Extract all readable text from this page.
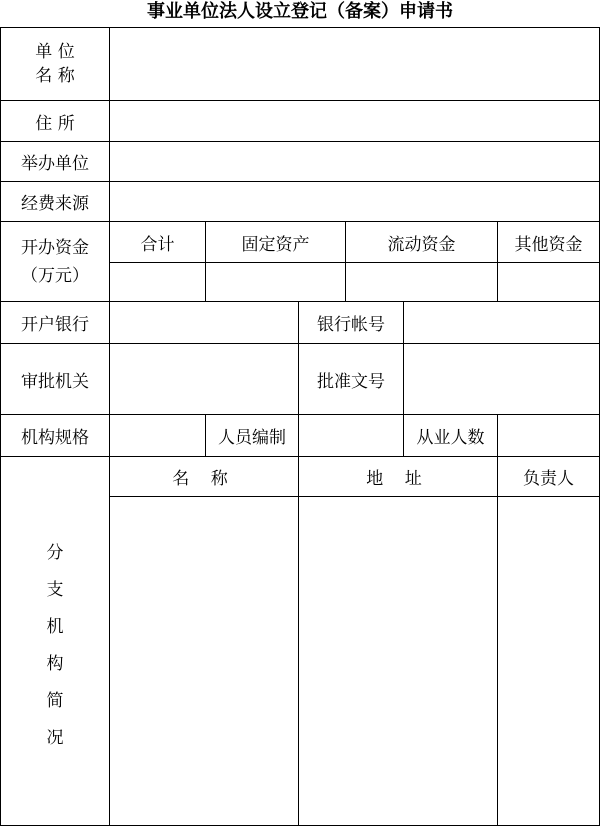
事业单位法人设立登记（备案）申请书
单 位
名 称
住 所
举办单位
经费来源
开办资金
（万元）
合计	固定资产	流动资金	其他资金
开户银行	银行帐号
审批机关	批准文号
机构规格	人员编制	从业人数
分
支
机
构
简
况
名 称	地 址	负责人
